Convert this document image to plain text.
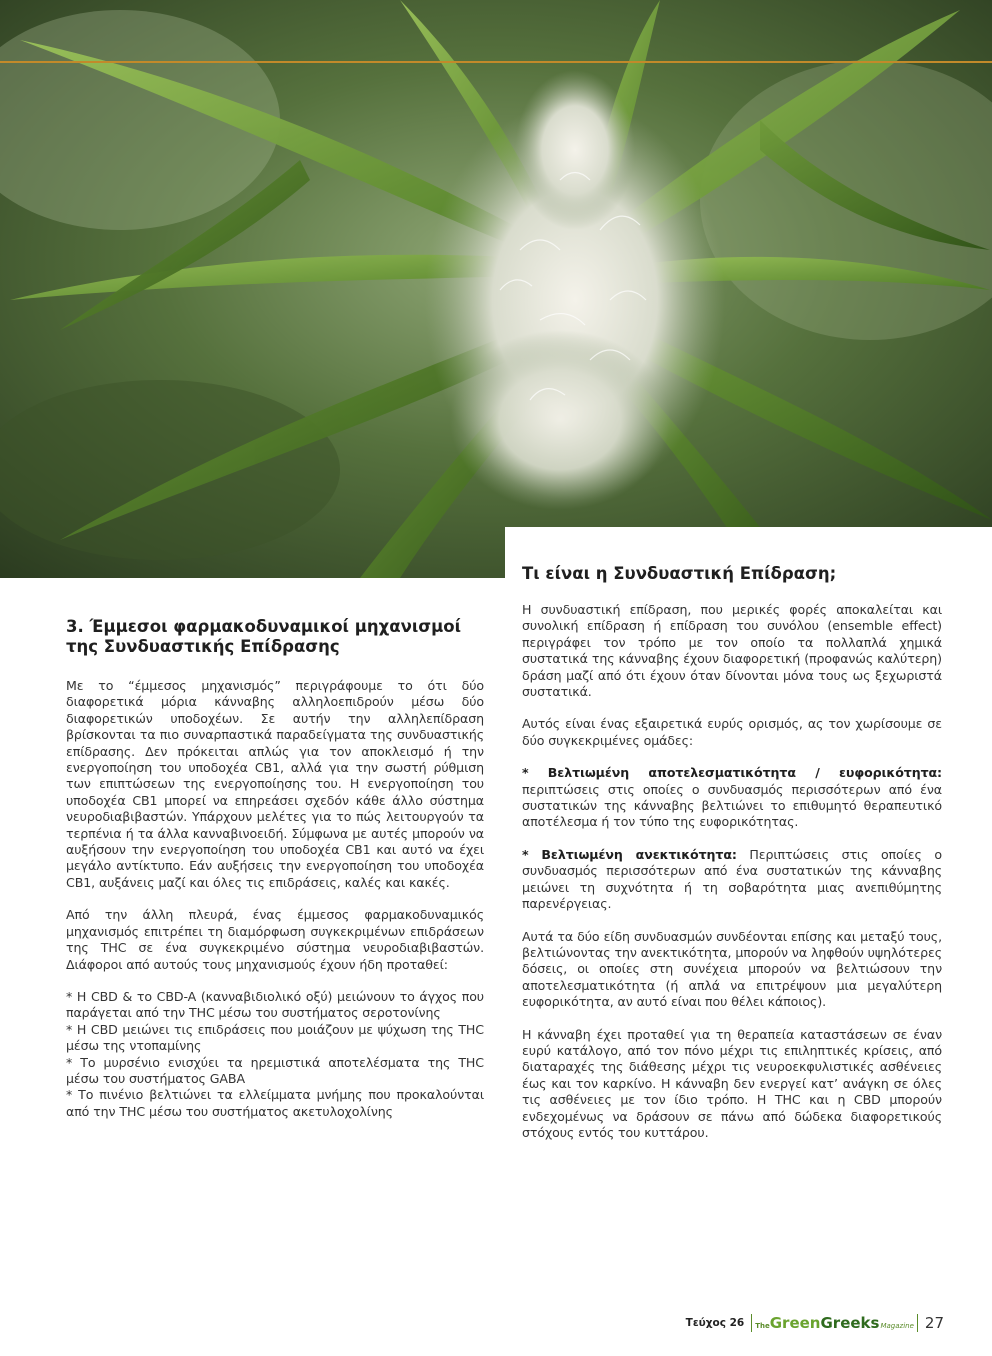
Τι είναι η Συνδυαστική Επίδραση;
3. Έμμεσοι φαρμακοδυναμικοί μηχανισμοί
της Συνδυαστικής Επίδρασης

Με το “έμμεσος μηχανισμός” περιγράφουμε το ότι δύο διαφορετικά μόρια κάνναβης αλληλοεπιδρούν μέσω δύο διαφορετικών υποδοχέων. Σε αυτήν την αλληλεπίδραση βρίσκονται τα πιο συναρπαστικά παραδείγματα της συνδυαστικής επίδρασης. Δεν πρόκειται απλώς για τον αποκλεισμό ή την ενεργοποίηση του υποδοχέα CB1, αλλά για την σωστή ρύθμιση των επιπτώσεων της ενεργοποίησης του. Η ενεργοποίηση του υποδοχέα CB1 μπορεί να επηρεάσει σχεδόν κάθε άλλο σύστημα νευροδιαβιβαστών. Υπάρχουν μελέτες για το πώς λειτουργούν τα τερπένια ή τα άλλα κανναβινοειδή. Σύμφωνα με αυτές μπορούν να αυξήσουν την ενεργοποίηση του υποδοχέα CB1 και αυτό να έχει μεγάλο αντίκτυπο. Εάν αυξήσεις την ενεργοποίηση του υποδοχέα CB1, αυξάνεις μαζί και όλες τις επιδράσεις, καλές και κακές.

Από την άλλη πλευρά, ένας έμμεσος φαρμακοδυναμικός μηχανισμός επιτρέπει τη διαμόρφωση συγκεκριμένων επιδράσεων της THC σε ένα συγκεκριμένο σύστημα νευροδιαβιβαστών. Διάφοροι από αυτούς τους μηχανισμούς έχουν ήδη προταθεί:

* Η CBD & το CBD-A (κανναβιδιολικό οξύ) μειώνουν το άγχος που παράγεται από την THC μέσω του συστήματος σεροτονίνης

* Η CBD μειώνει τις επιδράσεις που μοιάζουν με ψύχωση της THC μέσω της ντοπαμίνης

* Το μυρσένιο ενισχύει τα ηρεμιστικά αποτελέσματα της THC μέσω του συστήματος GABA

* Το πινένιο βελτιώνει τα ελλείμματα μνήμης που προκαλούνται από την THC μέσω του συστήματος ακετυλοχολίνης

Η συνδυαστική επίδραση, που μερικές φορές αποκαλείται και συνολική επίδραση ή επίδραση του συνόλου (ensemble effect) περιγράφει τον τρόπο με τον οποίο τα πολλαπλά χημικά συστατικά της κάνναβης έχουν διαφορετική (προφανώς καλύτερη) δράση μαζί από ότι έχουν όταν δίνονται μόνα τους ως ξεχωριστά συστατικά.

Αυτός είναι ένας εξαιρετικά ευρύς ορισμός, ας τον χωρίσουμε σε δύο συγκεκριμένες ομάδες:

* Βελτιωμένη αποτελεσματικότητα / ευφορικότητα: περιπτώσεις στις οποίες ο συνδυασμός περισσότερων από ένα συστατικών της κάνναβης βελτιώνει το επιθυμητό θεραπευτικό αποτέλεσμα ή τον τύπο της ευφορικότητας.

* Βελτιωμένη ανεκτικότητα: Περιπτώσεις στις οποίες ο συνδυασμός περισσότερων από ένα συστατικών της κάνναβης μειώνει τη συχνότητα ή τη σοβαρότητα μιας ανεπιθύμητης παρενέργειας.

Αυτά τα δύο είδη συνδυασμών συνδέονται επίσης και μεταξύ τους, βελτιώνοντας την ανεκτικότητα, μπορούν να ληφθούν υψηλότερες δόσεις, οι οποίες στη συνέχεια μπορούν να βελτιώσουν την αποτελεσματικότητα (ή απλά να επιτρέψουν μια μεγαλύτερη ευφορικότητα, αν αυτό είναι που θέλει κάποιος).

Η κάνναβη έχει προταθεί για τη θεραπεία καταστάσεων σε έναν ευρύ κατάλογο, από τον πόνο μέχρι τις επιληπτικές κρίσεις, από διαταραχές της διάθεσης μέχρι τις νευροεκφυλιστικές ασθένειες έως και τον καρκίνο. Η κάνναβη δεν ενεργεί κατ’ ανάγκη σε όλες τις ασθένειες με τον ίδιο τρόπο. Η THC και η CBD μπορούν ενδεχομένως να δράσουν σε πάνω από δώδεκα διαφορετικούς στόχους εντός του κυττάρου.

Τεύχος 26 The Green Greeks Magazine 27
